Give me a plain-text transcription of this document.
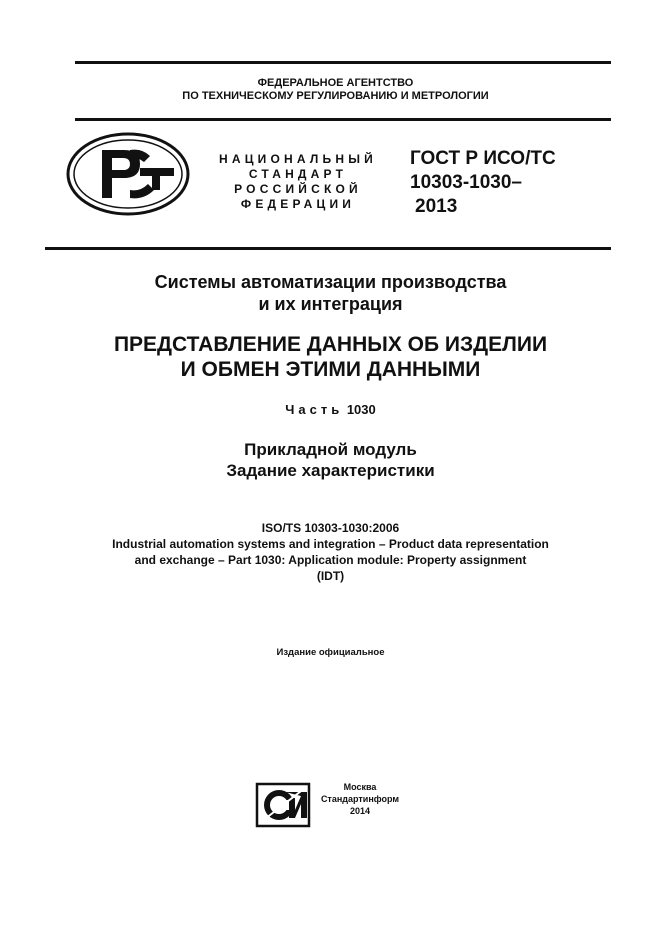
ФЕДЕРАЛЬНОЕ АГЕНТСТВО
ПО ТЕХНИЧЕСКОМУ РЕГУЛИРОВАНИЮ И МЕТРОЛОГИИ
НАЦИОНАЛЬНЫЙ
СТАНДАРТ
РОССИЙСКОЙ
ФЕДЕРАЦИИ
ГОСТ Р ИСО/ТС
10303-1030–
2013
Системы автоматизации производства
и их интеграция
ПРЕДСТАВЛЕНИЕ ДАННЫХ ОБ ИЗДЕЛИИ
И ОБМЕН ЭТИМИ ДАННЫМИ
Часть 1030
Прикладной модуль
Задание характеристики
ISO/TS 10303-1030:2006
Industrial automation systems and integration – Product data representation
and exchange – Part 1030: Application module: Property assignment
(IDT)
Издание официальное
Москва
Стандартинформ
2014
